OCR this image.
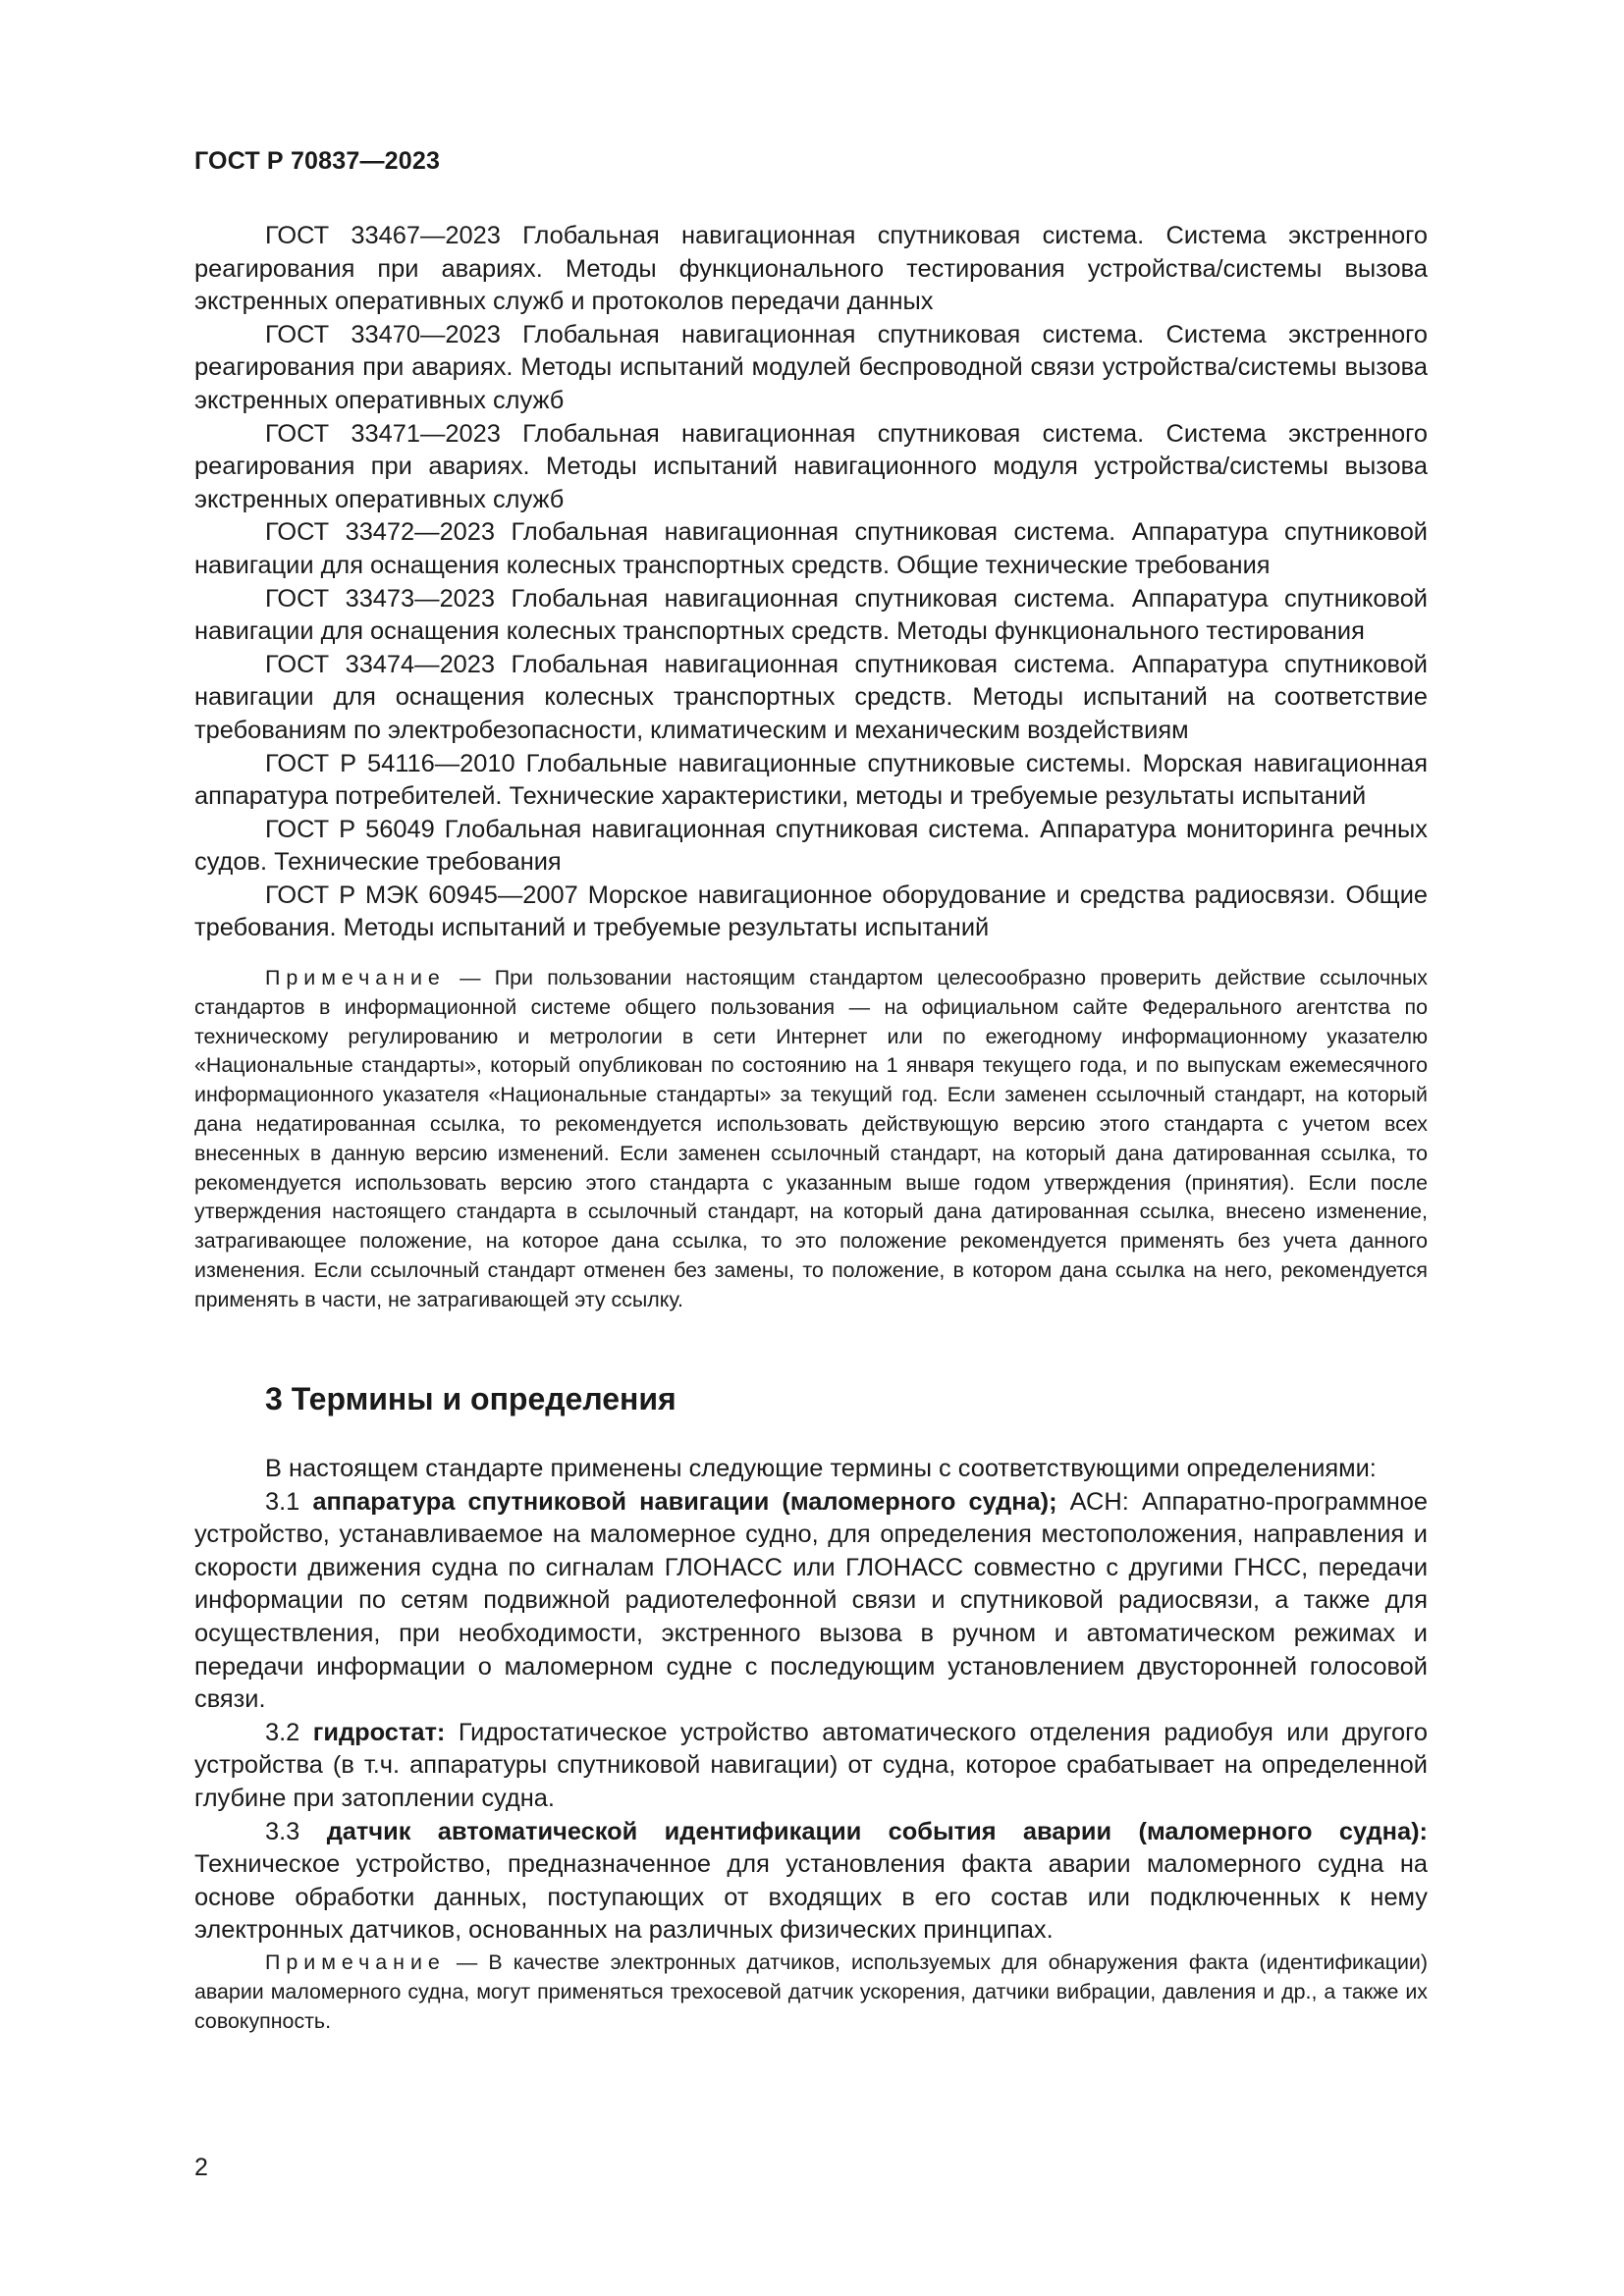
ГОСТ Р 70837—2023

ГОСТ 33467—2023 Глобальная навигационная спутниковая система. Система экстренного реагирования при авариях. Методы функционального тестирования устройства/системы вызова экстренных оперативных служб и протоколов передачи данных

ГОСТ 33470—2023 Глобальная навигационная спутниковая система. Система экстренного реагирования при авариях. Методы испытаний модулей беспроводной связи устройства/системы вызова экстренных оперативных служб

ГОСТ 33471—2023 Глобальная навигационная спутниковая система. Система экстренного реагирования при авариях. Методы испытаний навигационного модуля устройства/системы вызова экстренных оперативных служб

ГОСТ 33472—2023 Глобальная навигационная спутниковая система. Аппаратура спутниковой навигации для оснащения колесных транспортных средств. Общие технические требования

ГОСТ 33473—2023 Глобальная навигационная спутниковая система. Аппаратура спутниковой навигации для оснащения колесных транспортных средств. Методы функционального тестирования

ГОСТ 33474—2023 Глобальная навигационная спутниковая система. Аппаратура спутниковой навигации для оснащения колесных транспортных средств. Методы испытаний на соответствие требованиям по электробезопасности, климатическим и механическим воздействиям

ГОСТ Р 54116—2010 Глобальные навигационные спутниковые системы. Морская навигационная аппаратура потребителей. Технические характеристики, методы и требуемые результаты испытаний

ГОСТ Р 56049 Глобальная навигационная спутниковая система. Аппаратура мониторинга речных судов. Технические требования

ГОСТ Р МЭК 60945—2007 Морское навигационное оборудование и средства радиосвязи. Общие требования. Методы испытаний и требуемые результаты испытаний

Примечание — При пользовании настоящим стандартом целесообразно проверить действие ссылочных стандартов в информационной системе общего пользования — на официальном сайте Федерального агентства по техническому регулированию и метрологии в сети Интернет или по ежегодному информационному указателю «Национальные стандарты», который опубликован по состоянию на 1 января текущего года, и по выпускам ежемесячного информационного указателя «Национальные стандарты» за текущий год. Если заменен ссылочный стандарт, на который дана недатированная ссылка, то рекомендуется использовать действующую версию этого стандарта с учетом всех внесенных в данную версию изменений. Если заменен ссылочный стандарт, на который дана датированная ссылка, то рекомендуется использовать версию этого стандарта с указанным выше годом утверждения (принятия). Если после утверждения настоящего стандарта в ссылочный стандарт, на который дана датированная ссылка, внесено изменение, затрагивающее положение, на которое дана ссылка, то это положение рекомендуется применять без учета данного изменения. Если ссылочный стандарт отменен без замены, то положение, в котором дана ссылка на него, рекомендуется применять в части, не затрагивающей эту ссылку.

3 Термины и определения

В настоящем стандарте применены следующие термины с соответствующими определениями:

3.1 аппаратура спутниковой навигации (маломерного судна); АСН: Аппаратно-программное устройство, устанавливаемое на маломерное судно, для определения местоположения, направления и скорости движения судна по сигналам ГЛОНАСС или ГЛОНАСС совместно с другими ГНСС, передачи информации по сетям подвижной радиотелефонной связи и спутниковой радиосвязи, а также для осуществления, при необходимости, экстренного вызова в ручном и автоматическом режимах и передачи информации о маломерном судне с последующим установлением двусторонней голосовой связи.

3.2 гидростат: Гидростатическое устройство автоматического отделения радиобуя или другого устройства (в т.ч. аппаратуры спутниковой навигации) от судна, которое срабатывает на определенной глубине при затоплении судна.

3.3 датчик автоматической идентификации события аварии (маломерного судна): Техническое устройство, предназначенное для установления факта аварии маломерного судна на основе обработки данных, поступающих от входящих в его состав или подключенных к нему электронных датчиков, основанных на различных физических принципах.

Примечание — В качестве электронных датчиков, используемых для обнаружения факта (идентификации) аварии маломерного судна, могут применяться трехосевой датчик ускорения, датчики вибрации, давления и др., а также их совокупность.

2
